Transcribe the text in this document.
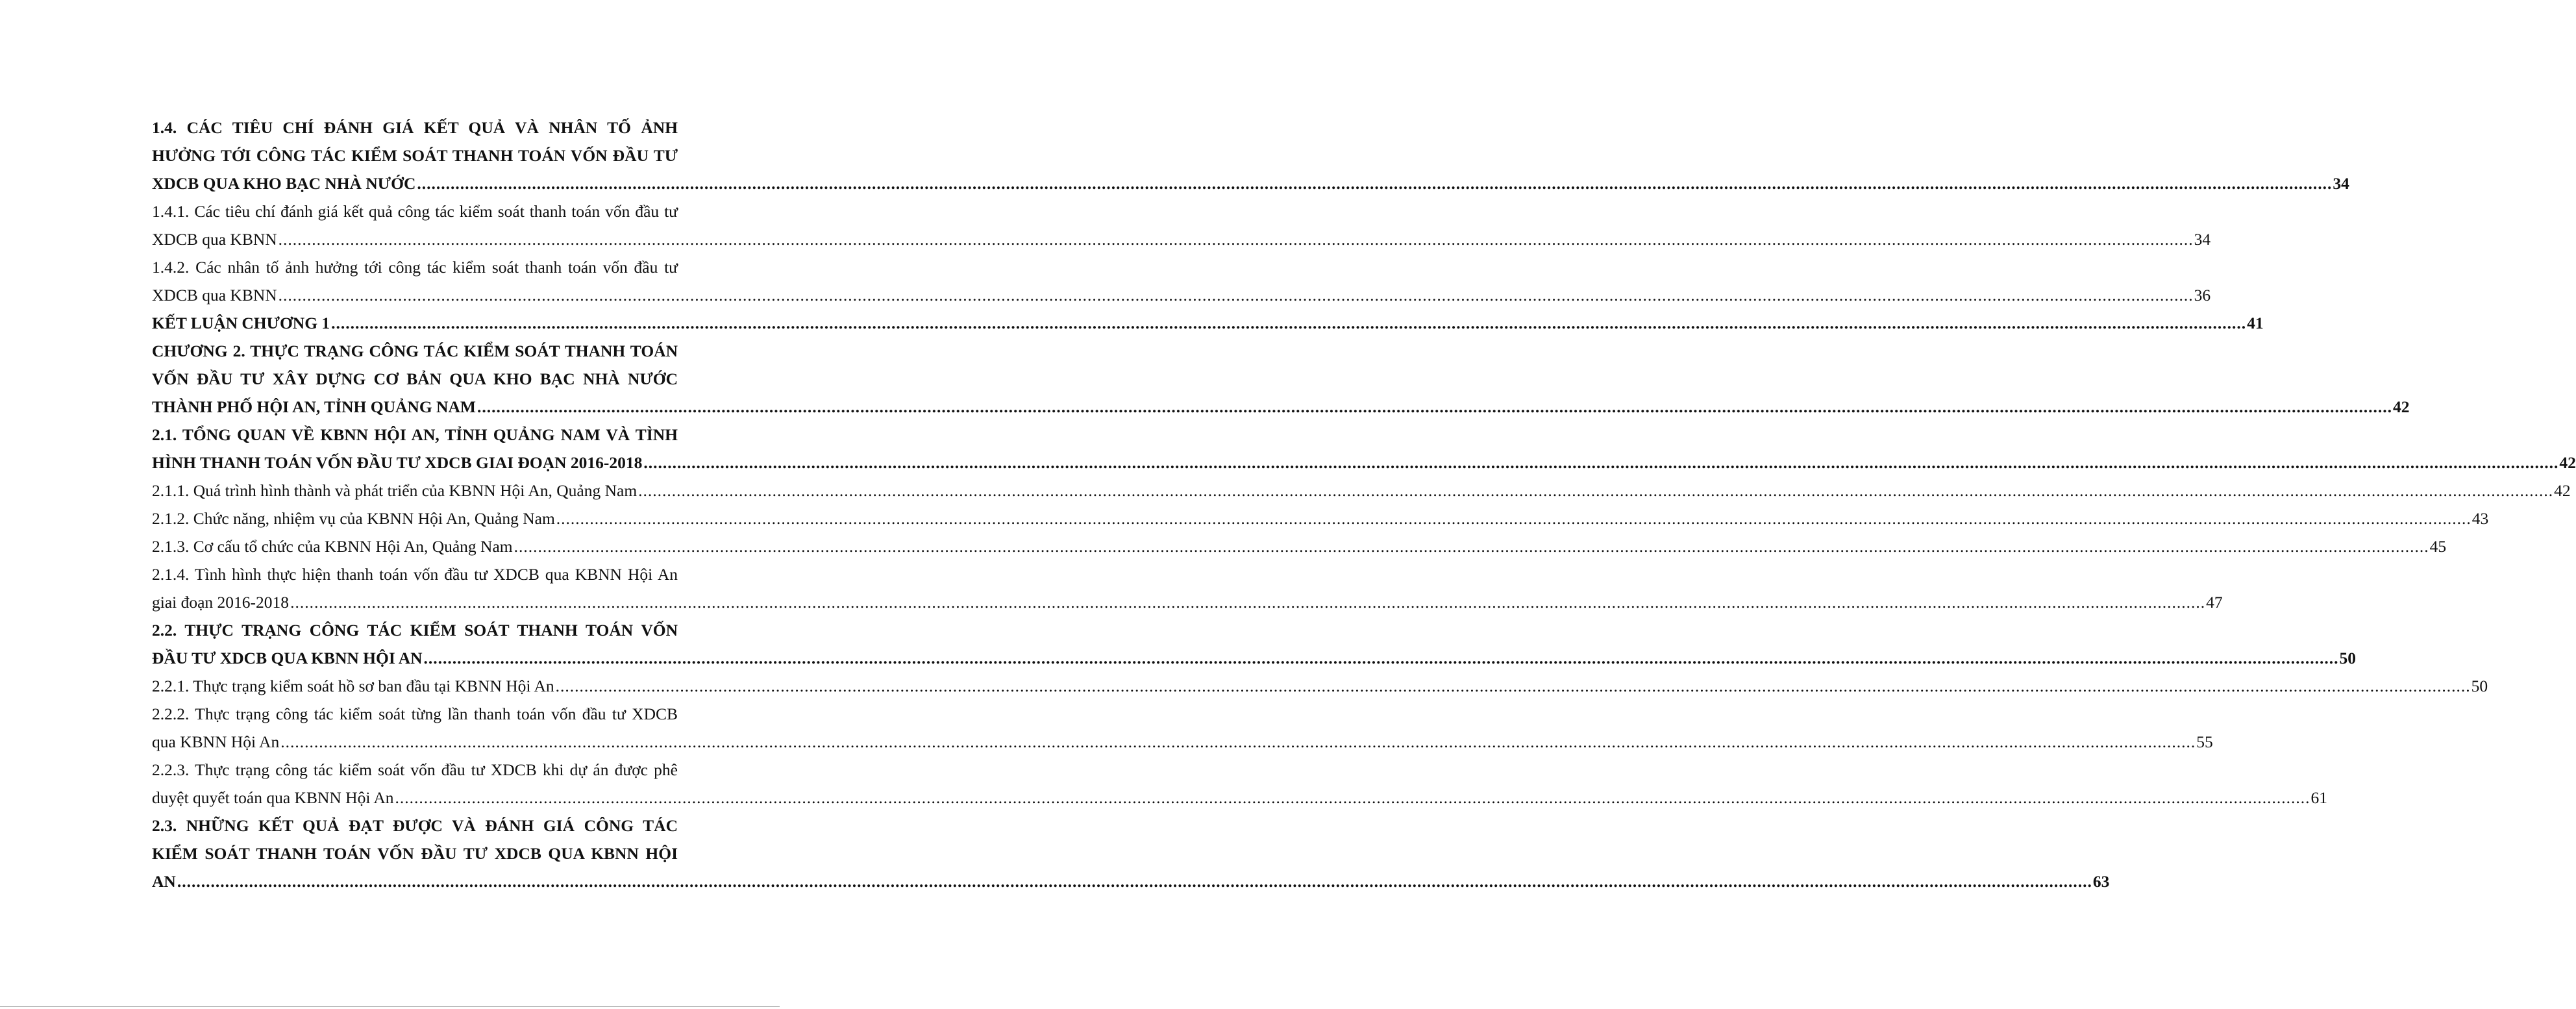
1.4. CÁC TIÊU CHÍ ĐÁNH GIÁ KẾT QUẢ VÀ NHÂN TỐ ẢNH
HƯỞNG TỚI CÔNG TÁC KIỂM SOÁT THANH TOÁN VỐN ĐẦU TƯ
XDCB QUA KHO BẠC NHÀ NƯỚC ................................................................................................................................................................................................................................................................................................................................................................................................................ 34
1.4.1. Các tiêu chí đánh giá kết quả công tác kiểm soát thanh toán vốn đầu tư
XDCB qua KBNN ................................................................................................................................................................................................................................................................................................................................................................................................................ 34
1.4.2. Các nhân tố ảnh hưởng tới công tác kiểm soát thanh toán vốn đầu tư
XDCB qua KBNN ................................................................................................................................................................................................................................................................................................................................................................................................................ 36
KẾT LUẬN CHƯƠNG 1 ................................................................................................................................................................................................................................................................................................................................................................................................................ 41
CHƯƠNG 2. THỰC TRẠNG CÔNG TÁC KIỂM SOÁT THANH TOÁN
VỐN ĐẦU TƯ XÂY DỰNG CƠ BẢN QUA KHO BẠC NHÀ NƯỚC
THÀNH PHỐ HỘI AN, TỈNH QUẢNG NAM ................................................................................................................................................................................................................................................................................................................................................................................................................ 42
2.1. TỔNG QUAN VỀ KBNN HỘI AN, TỈNH QUẢNG NAM VÀ TÌNH
HÌNH THANH TOÁN VỐN ĐẦU TƯ XDCB GIAI ĐOẠN 2016-2018 ................................................................................................................................................................................................................................................................................................................................................................................................................ 42
2.1.1. Quá trình hình thành và phát triển của KBNN Hội An, Quảng Nam ................................................................................................................................................................................................................................................................................................................................................................................................................ 42
2.1.2. Chức năng, nhiệm vụ của KBNN Hội An, Quảng Nam ................................................................................................................................................................................................................................................................................................................................................................................................................ 43
2.1.3. Cơ cấu tổ chức của KBNN Hội An, Quảng Nam ................................................................................................................................................................................................................................................................................................................................................................................................................ 45
2.1.4. Tình hình thực hiện thanh toán vốn đầu tư XDCB qua KBNN Hội An
giai đoạn 2016-2018 ................................................................................................................................................................................................................................................................................................................................................................................................................ 47
2.2. THỰC TRẠNG CÔNG TÁC KIỂM SOÁT THANH TOÁN VỐN
ĐẦU TƯ XDCB QUA KBNN HỘI AN ................................................................................................................................................................................................................................................................................................................................................................................................................ 50
2.2.1. Thực trạng kiểm soát hồ sơ ban đầu tại KBNN Hội An ................................................................................................................................................................................................................................................................................................................................................................................................................ 50
2.2.2. Thực trạng công tác kiểm soát từng lần thanh toán vốn đầu tư XDCB
qua KBNN Hội An ................................................................................................................................................................................................................................................................................................................................................................................................................ 55
2.2.3. Thực trạng công tác kiểm soát vốn đầu tư XDCB khi dự án được phê
duyệt quyết toán qua KBNN Hội An ................................................................................................................................................................................................................................................................................................................................................................................................................ 61
2.3. NHỮNG KẾT QUẢ ĐẠT ĐƯỢC VÀ ĐÁNH GIÁ CÔNG TÁC
KIỂM SOÁT THANH TOÁN VỐN ĐẦU TƯ XDCB QUA KBNN HỘI
AN ................................................................................................................................................................................................................................................................................................................................................................................................................ 63
